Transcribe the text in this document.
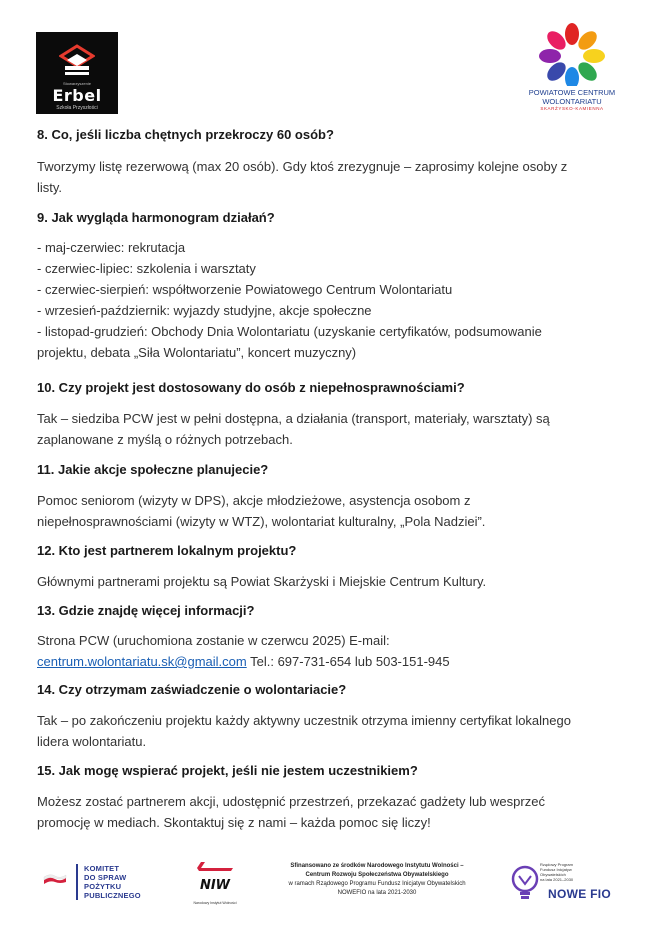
Stowarzyszenie
Erbel
Szkoła Przyszłości
POWIATOWE CENTRUM
WOLONTARIATU
SKARŻYSKO-KAMIENNA

8. Co, jeśli liczba chętnych przekroczy 60 osób?

Tworzymy listę rezerwową (max 20 osób). Gdy ktoś zrezygnuje – zaprosimy kolejne osoby z

listy.

9. Jak wygląda harmonogram działań?

- maj-czerwiec: rekrutacja

- czerwiec-lipiec: szkolenia i warsztaty

- czerwiec-sierpień: współtworzenie Powiatowego Centrum Wolontariatu

- wrzesień-październik: wyjazdy studyjne, akcje społeczne

- listopad-grudzień: Obchody Dnia Wolontariatu (uzyskanie certyfikatów, podsumowanie

projektu, debata „Siła Wolontariatu”, koncert muzyczny)

10. Czy projekt jest dostosowany do osób z niepełnosprawnościami?

Tak – siedziba PCW jest w pełni dostępna, a działania (transport, materiały, warsztaty) są

zaplanowane z myślą o różnych potrzebach.

11. Jakie akcje społeczne planujecie?

Pomoc seniorom (wizyty w DPS), akcje młodzieżowe, asystencja osobom z

niepełnosprawnościami (wizyty w WTZ), wolontariat kulturalny, „Pola Nadziei”.

12. Kto jest partnerem lokalnym projektu?

Głównymi partnerami projektu są Powiat Skarżyski i Miejskie Centrum Kultury.

13. Gdzie znajdę więcej informacji?

Strona PCW (uruchomiona zostanie w czerwcu 2025) E-mail:

centrum.wolontariatu.sk@gmail.com Tel.: 697-731-654 lub 503-151-945

14. Czy otrzymam zaświadczenie o wolontariacie?

Tak – po zakończeniu projektu każdy aktywny uczestnik otrzyma imienny certyfikat lokalnego

lidera wolontariatu.

15. Jak mogę wspierać projekt, jeśli nie jestem uczestnikiem?

Możesz zostać partnerem akcji, udostępnić przestrzeń, przekazać gadżety lub wesprzeć

promocję w mediach. Skontaktuj się z nami – każda pomoc się liczy!

KOMITET
DO SPRAW
POŻYTKU
PUBLICZNEGO
NIW
Narodowy Instytut Wolności
Sfinansowano ze środków Narodowego Instytutu Wolności –
Centrum Rozwoju Społeczeństwa Obywatelskiego
w ramach Rządowego Programu Fundusz Inicjatyw Obywatelskich
NOWEFIO na lata 2021-2030
Rządowy Program
Fundusz Inicjatyw
Obywatelskich
na lata 2021–2030
NOWE FIO
